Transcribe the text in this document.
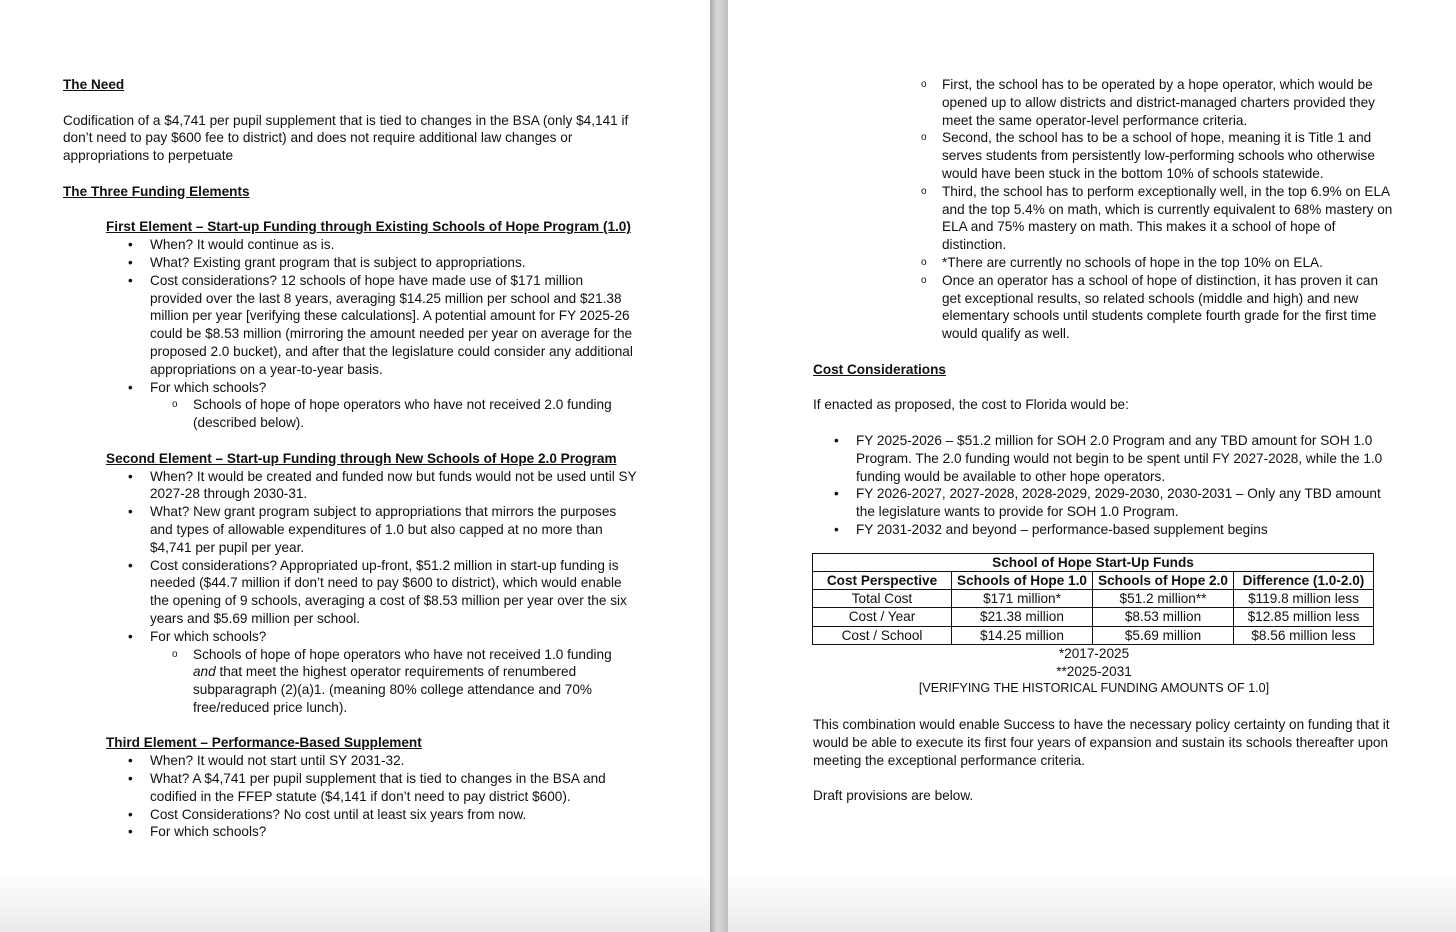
The Need

Codification of a $4,741 per pupil supplement that is tied to changes in the BSA (only $4,141 if don’t need to pay $600 fee to district) and does not require additional law changes or appropriations to perpetuate

The Three Funding Elements

First Element – Start-up Funding through Existing Schools of Hope Program (1.0)

• When? It would continue as is.
• What? Existing grant program that is subject to appropriations.
• Cost considerations? 12 schools of hope have made use of $171 million provided over the last 8 years, averaging $14.25 million per school and $21.38 million per year [verifying these calculations]. A potential amount for FY 2025-26 could be $8.53 million (mirroring the amount needed per year on average for the proposed 2.0 bucket), and after that the legislature could consider any additional appropriations on a year-to-year basis.
• For which schools?
o Schools of hope of hope operators who have not received 2.0 funding (described below).

Second Element – Start-up Funding through New Schools of Hope 2.0 Program

• When? It would be created and funded now but funds would not be used until SY 2027-28 through 2030-31.
• What? New grant program subject to appropriations that mirrors the purposes and types of allowable expenditures of 1.0 but also capped at no more than $4,741 per pupil per year.
• Cost considerations? Appropriated up-front, $51.2 million in start-up funding is needed ($44.7 million if don’t need to pay $600 to district), which would enable the opening of 9 schools, averaging a cost of $8.53 million per year over the six years and $5.69 million per school.
• For which schools?
o Schools of hope of hope operators who have not received 1.0 funding and that meet the highest operator requirements of renumbered subparagraph (2)(a)1. (meaning 80% college attendance and 70% free/reduced price lunch).

Third Element – Performance-Based Supplement

• When? It would not start until SY 2031-32.
• What? A $4,741 per pupil supplement that is tied to changes in the BSA and codified in the FFEP statute ($4,141 if don’t need to pay district $600).
• Cost Considerations? No cost until at least six years from now.
• For which schools?
o First, the school has to be operated by a hope operator, which would be opened up to allow districts and district-managed charters provided they meet the same operator-level performance criteria.
o Second, the school has to be a school of hope, meaning it is Title 1 and serves students from persistently low-performing schools who otherwise would have been stuck in the bottom 10% of schools statewide.
o Third, the school has to perform exceptionally well, in the top 6.9% on ELA and the top 5.4% on math, which is currently equivalent to 68% mastery on ELA and 75% mastery on math. This makes it a school of hope of distinction.
o *There are currently no schools of hope in the top 10% on ELA.
o Once an operator has a school of hope of distinction, it has proven it can get exceptional results, so related schools (middle and high) and new elementary schools until students complete fourth grade for the first time would qualify as well.

Cost Considerations

If enacted as proposed, the cost to Florida would be:

• FY 2025-2026 – $51.2 million for SOH 2.0 Program and any TBD amount for SOH 1.0 Program. The 2.0 funding would not begin to be spent until FY 2027-2028, while the 1.0 funding would be available to other hope operators.
• FY 2026-2027, 2027-2028, 2028-2029, 2029-2030, 2030-2031 – Only any TBD amount the legislature wants to provide for SOH 1.0 Program.
• FY 2031-2032 and beyond – performance-based supplement begins
School of Hope Start-Up Funds			
Cost Perspective	Schools of Hope 1.0	Schools of Hope 2.0	Difference (1.0-2.0)
Total Cost	$171 million*	$51.2 million**	$119.8 million less
Cost / Year	$21.38 million	$8.53 million	$12.85 million less
Cost / School	$14.25 million	$5.69 million	$8.56 million less

*2017-2025

**2025-2031

[VERIFYING THE HISTORICAL FUNDING AMOUNTS OF 1.0]

This combination would enable Success to have the necessary policy certainty on funding that it would be able to execute its first four years of expansion and sustain its schools thereafter upon meeting the exceptional performance criteria.

Draft provisions are below.
